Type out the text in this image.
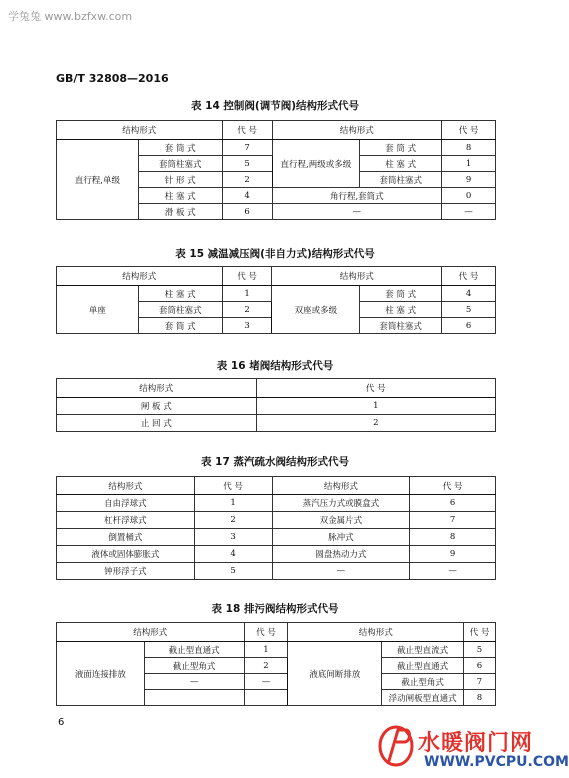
学兔兔 www.bzfxw.com
GB/T 32808—2016
表 14 控制阀(调节阀)结构形式代号
结构形式		代 号	结构形式		代 号
直行程,单级	套 筒 式	7	直行程,两级或多级	套 筒 式	8
	套筒柱塞式	5		柱 塞 式	1
	针 形 式	2		套筒柱塞式	9
	柱 塞 式	4	角行程,套筒式		0
	滑 板 式	6	—		—
表 15 减温减压阀(非自力式)结构形式代号
结构形式		代 号	结构形式		代 号
单座	柱 塞 式	1	双座或多级	套 筒 式	4
	套筒柱塞式	2		柱 塞 式	5
	套 筒 式	3		套筒柱塞式	6
表 16 堵阀结构形式代号
结构形式	代 号
闸 板 式	1
止 回 式	2
表 17 蒸汽疏水阀结构形式代号
结构形式	代 号	结构形式	代 号
自由浮球式	1	蒸汽压力式或膜盒式	6
杠杆浮球式	2	双金属片式	7
倒置桶式	3	脉冲式	8
液体或固体膨胀式	4	圆盘热动力式	9
钟形浮子式	5	—	—
表 18 排污阀结构形式代号
结构形式		代 号	结构形式		代 号
液面连接排放	截止型直通式	1	液底间断排放	截止型直流式	5
	截止型角式	2		截止型直通式	6
	—	—		截止型角式	7
				浮动闸板型直通式	8
6
水暖阀门网
WWW.PVCPU.COM
